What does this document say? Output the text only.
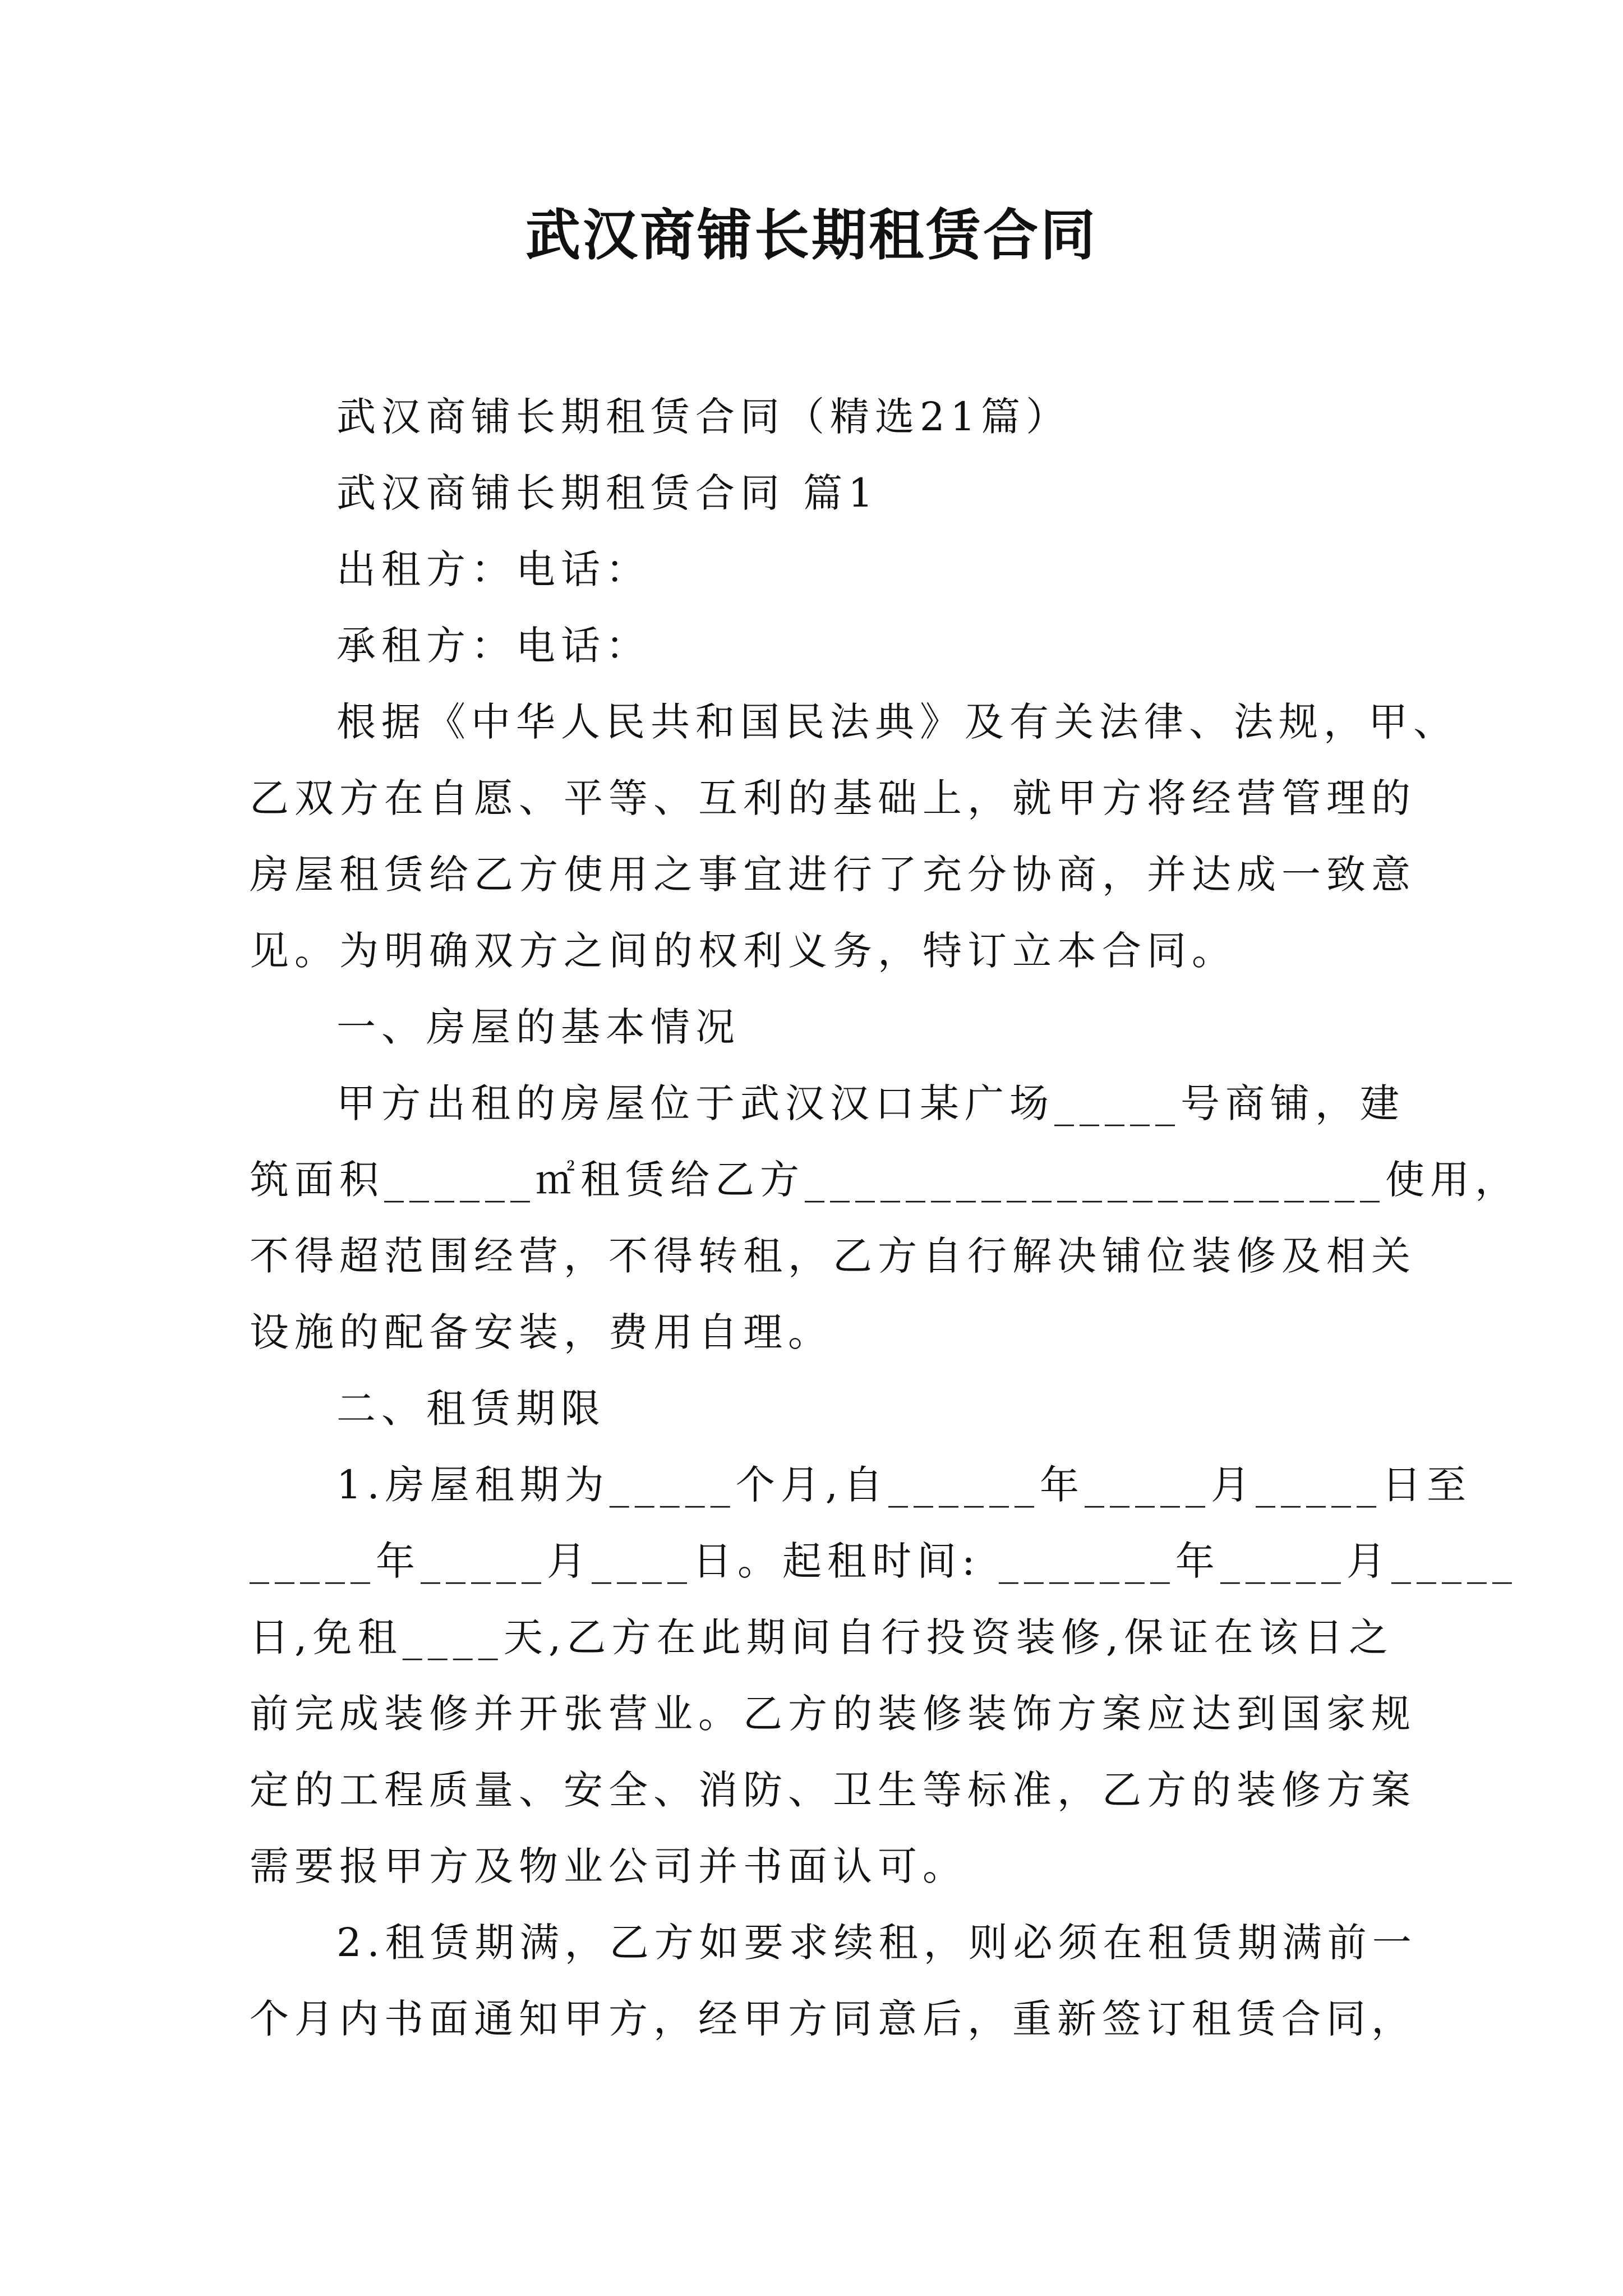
武汉商铺长期租赁合同
武汉商铺长期租赁合同（精选21篇）
武汉商铺长期租赁合同 篇1
出租方：电话：
承租方：电话：
根据《中华人民共和国民法典》及有关法律、法规，甲、
乙双方在自愿、平等、互利的基础上，就甲方将经营管理的
房屋租赁给乙方使用之事宜进行了充分协商，并达成一致意
见。为明确双方之间的权利义务，特订立本合同。
一、房屋的基本情况
甲方出租的房屋位于武汉汉口某广场_____号商铺，建
筑面积______㎡租赁给乙方_______________________使用，
不得超范围经营，不得转租，乙方自行解决铺位装修及相关
设施的配备安装，费用自理。
二、租赁期限
1.房屋租期为_____个月,自______年_____月_____日至
_____年_____月____日。起租时间: _______年_____月_____
日,免租____天,乙方在此期间自行投资装修,保证在该日之
前完成装修并开张营业。乙方的装修装饰方案应达到国家规
定的工程质量、安全、消防、卫生等标准，乙方的装修方案
需要报甲方及物业公司并书面认可。
2.租赁期满，乙方如要求续租，则必须在租赁期满前一
个月内书面通知甲方，经甲方同意后，重新签订租赁合同，
